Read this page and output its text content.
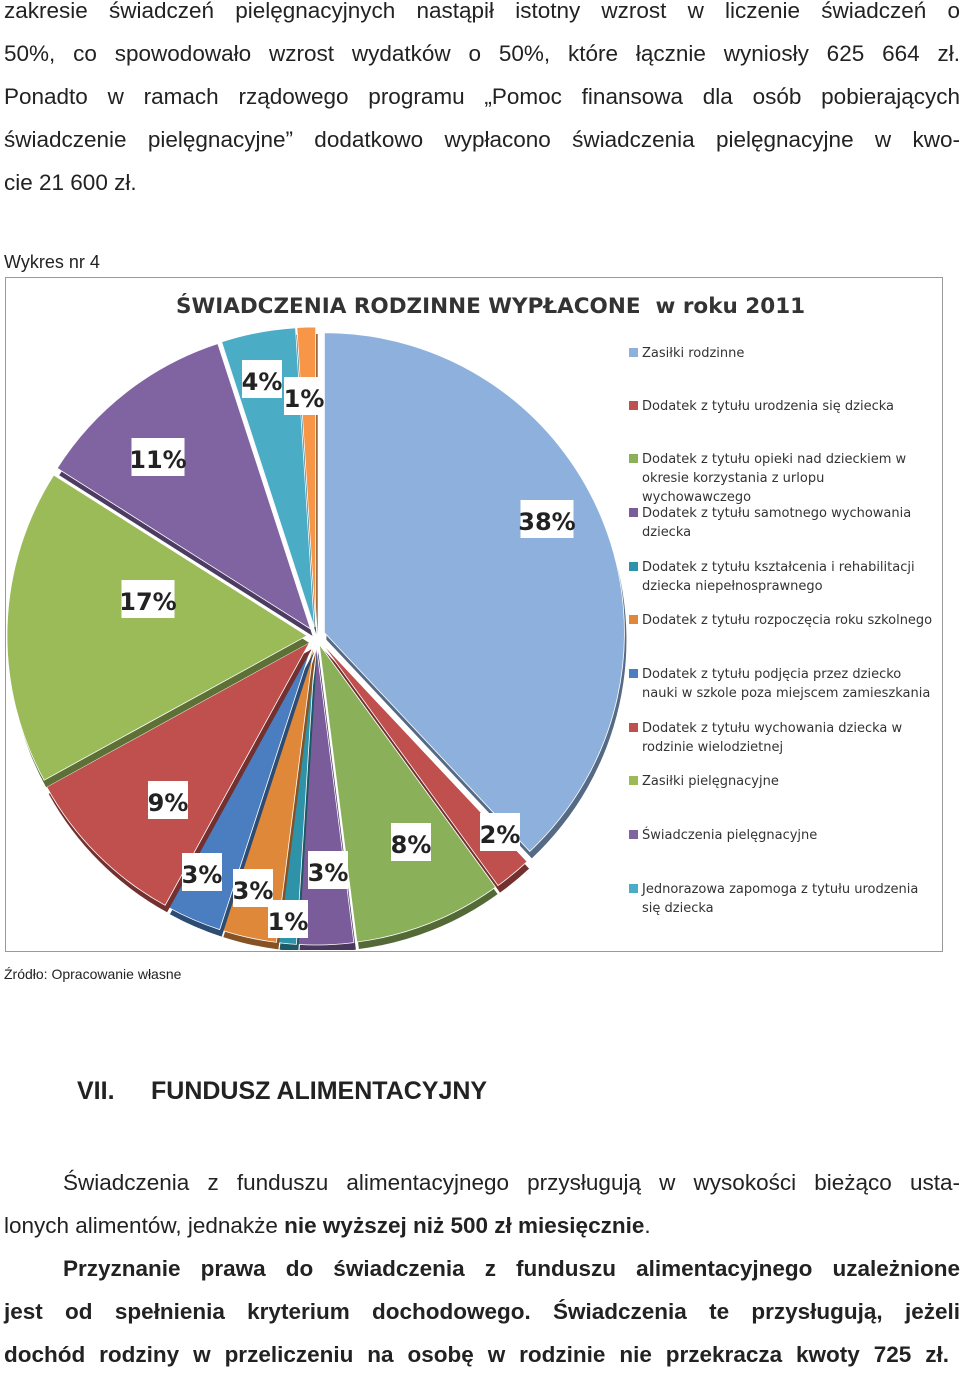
zakresie świadczeń pielęgnacyjnych nastąpił istotny wzrost w liczenie świadczeń o
50%, co spowodowało wzrost wydatków o 50%, które łącznie wyniosły 625 664 zł.
Ponadto w ramach rządowego programu „Pomoc finansowa dla osób pobierających
świadczenie pielęgnacyjne” dodatkowo wypłacono świadczenia pielęgnacyjne w kwo-
cie 21 600 zł.
Wykres nr 4
ŚWIADCZENIA RODZINNE WYPŁACONE  w roku 2011
38%
2%
8%
3%
1%
3%
3%
9%
17%
11%
4%
1%
Zasiłki rodzinne
Dodatek z tytułu urodzenia się dziecka
Dodatek z tytułu opieki nad dzieckiem w okresie korzystania z urlopu wychowawczego
Dodatek z tytułu samotnego wychowania dziecka
Dodatek z tytułu kształcenia i rehabilitacji dziecka niepełnosprawnego
Dodatek z tytułu rozpoczęcia roku szkolnego
Dodatek z tytułu podjęcia przez dziecko nauki w szkole poza miejscem zamieszkania
Dodatek z tytułu wychowania dziecka w rodzinie wielodzietnej
Zasiłki pielęgnacyjne
Świadczenia pielęgnacyjne
Jednorazowa zapomoga z tytułu urodzenia się dziecka
Źródło: Opracowanie własne
VII. FUNDUSZ ALIMENTACYJNY
Świadczenia z funduszu alimentacyjnego przysługują w wysokości bieżąco usta-
lonych alimentów, jednakże nie wyższej niż 500 zł miesięcznie.
Przyznanie prawa do świadczenia z funduszu alimentacyjnego uzależnione
jest od spełnienia kryterium dochodowego. Świadczenia te przysługują, jeżeli
dochód rodziny w przeliczeniu na osobę w rodzinie nie przekracza kwoty 725 zł.
